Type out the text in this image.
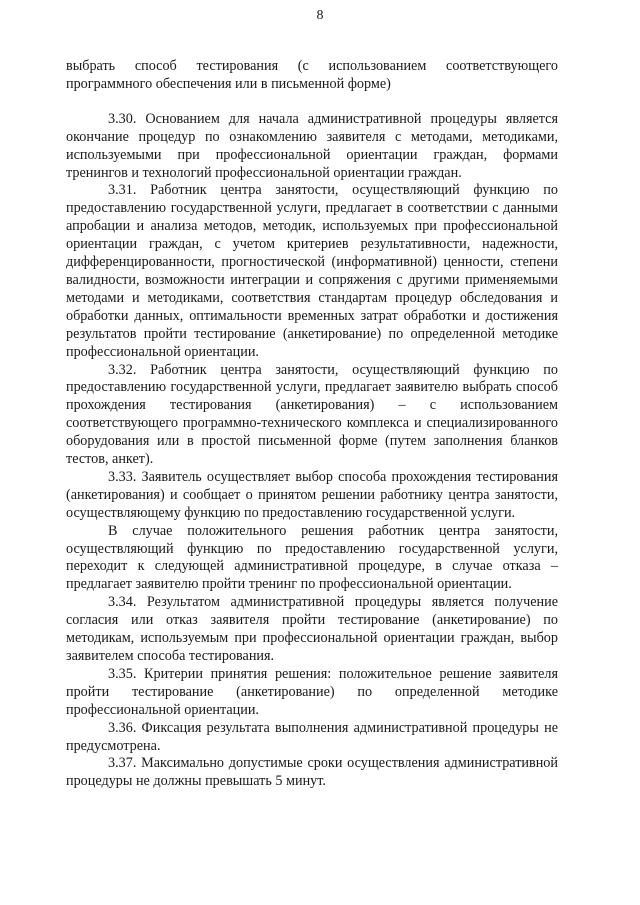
8

выбрать способ тестирования (с использованием соответствующего программного обеспечения или в письменной форме)

3.30. Основанием для начала административной процедуры является окончание процедур по ознакомлению заявителя с методами, методиками, используемыми при профессиональной ориентации граждан, формами тренингов и технологий профессиональной ориентации граждан.

3.31. Работник центра занятости, осуществляющий функцию по предоставлению государственной услуги, предлагает в соответствии с данными апробации и анализа методов, методик, используемых при профессиональной ориентации граждан, с учетом критериев результативности, надежности, дифференцированности, прогностической (информативной) ценности, степени валидности, возможности интеграции и сопряжения с другими применяемыми методами и методиками, соответствия стандартам процедур обследования и обработки данных, оптимальности временных затрат обработки и достижения результатов пройти тестирование (анкетирование) по определенной методике профессиональной ориентации.

3.32. Работник центра занятости, осуществляющий функцию по предоставлению государственной услуги, предлагает заявителю выбрать способ прохождения тестирования (анкетирования) – с использованием соответствующего программно-технического комплекса и специализированного оборудования или в простой письменной форме (путем заполнения бланков тестов, анкет).

3.33. Заявитель осуществляет выбор способа прохождения тестирования (анкетирования) и сообщает о принятом решении работнику центра занятости, осуществляющему функцию по предоставлению государственной услуги.

В случае положительного решения работник центра занятости, осуществляющий функцию по предоставлению государственной услуги, переходит к следующей административной процедуре, в случае отказа – предлагает заявителю пройти тренинг по профессиональной ориентации.

3.34. Результатом административной процедуры является получение согласия или отказ заявителя пройти тестирование (анкетирование) по методикам, используемым при профессиональной ориентации граждан, выбор заявителем способа тестирования.

3.35. Критерии принятия решения: положительное решение заявителя пройти тестирование (анкетирование) по определенной методике профессиональной ориентации.

3.36. Фиксация результата выполнения административной процедуры не предусмотрена.

3.37. Максимально допустимые сроки осуществления административной процедуры не должны превышать 5 минут.
